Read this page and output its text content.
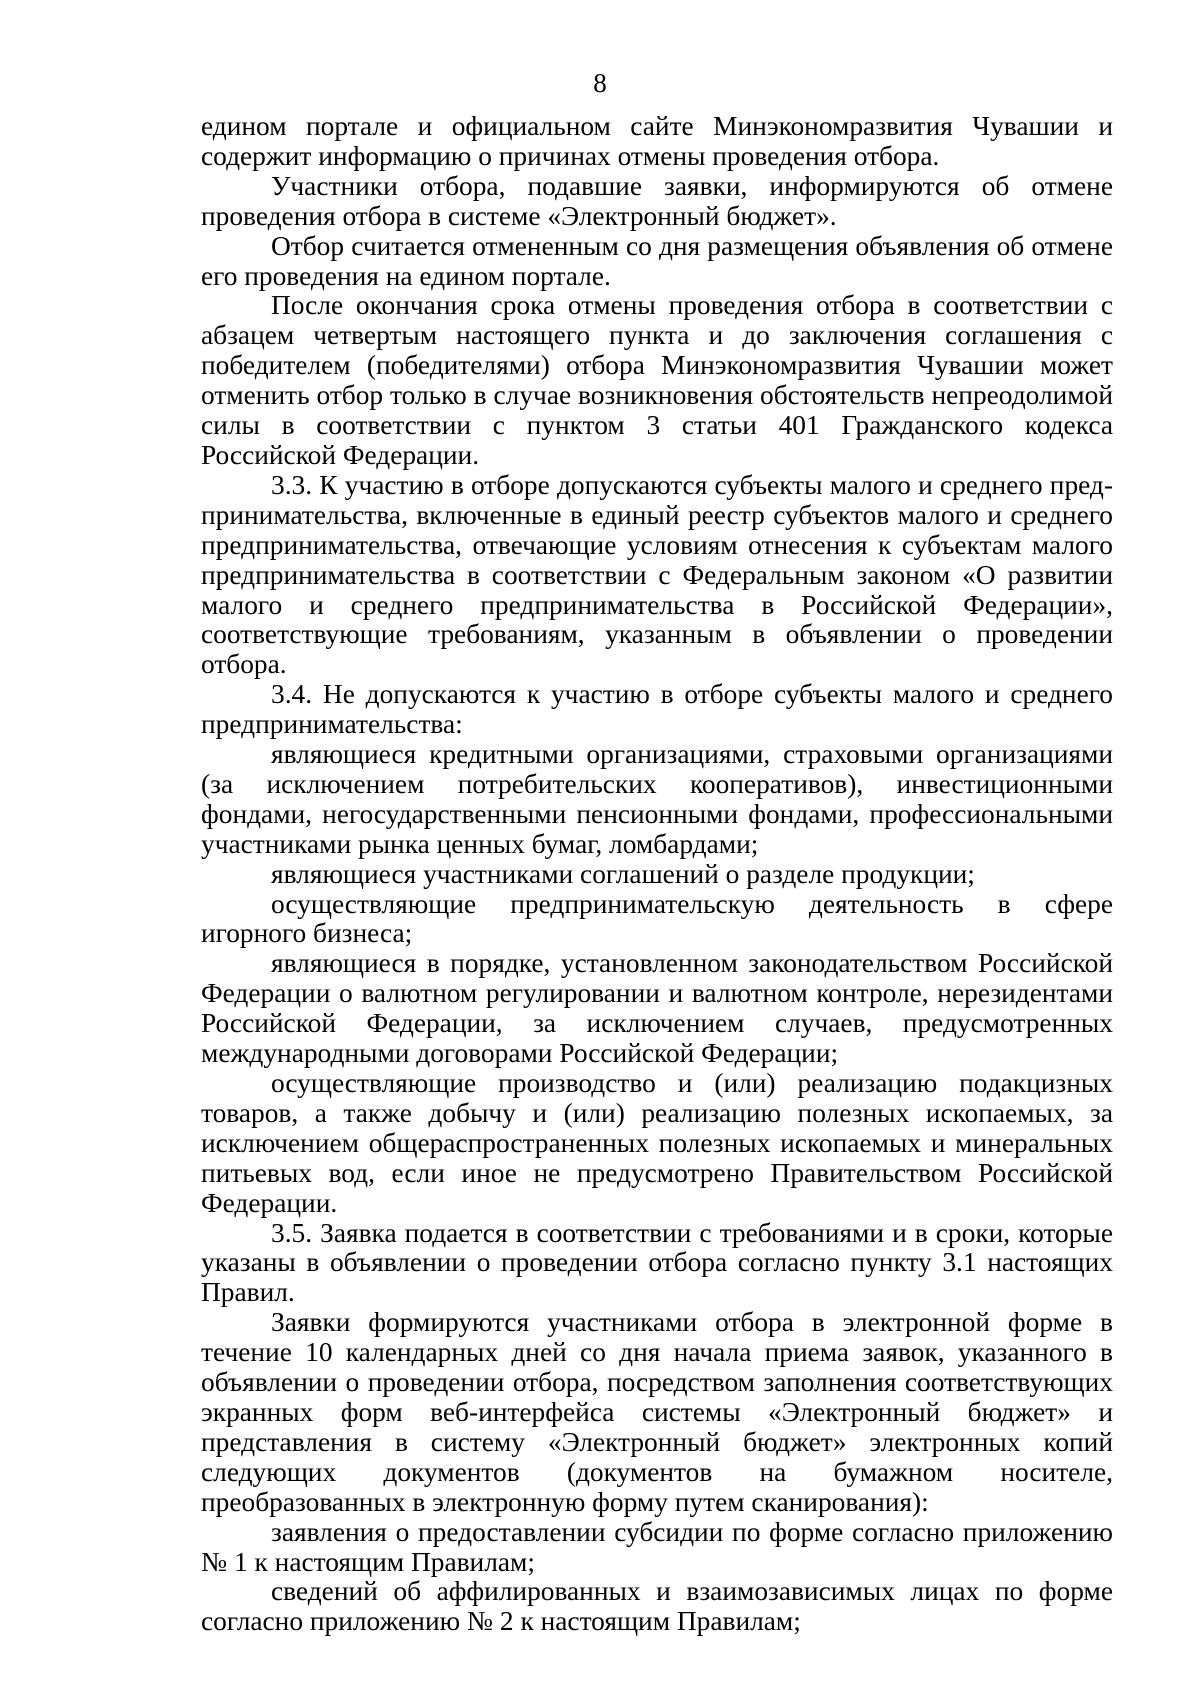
8

едином портале и официальном сайте Минэкономразвития Чувашии и содержит информацию о причинах отмены проведения отбора.

Участники отбора, подавшие заявки, информируются об отмене проведения отбора в системе «Электронный бюджет».

Отбор считается отмененным со дня размещения объявления об отмене его проведения на едином портале.

После окончания срока отмены проведения отбора в соответствии с абзацем четвертым настоящего пункта и до заключения соглашения с победителем (победителями) отбора Минэкономразвития Чувашии может отменить отбор только в случае возникновения обстоятельств непреодолимой силы в соответствии с пунктом 3 статьи 401 Гражданского кодекса Российской Федерации.

3.3. К участию в отборе допускаются субъекты малого и среднего предпринимательства, включенные в единый реестр субъектов малого и среднего предпринимательства, отвечающие условиям отнесения к субъектам малого предпринимательства в соответствии с Федеральным законом «О развитии малого и среднего предпринимательства в Российской Федерации», соответствующие требованиям, указанным в объявлении о проведении отбора.

3.4. Не допускаются к участию в отборе субъекты малого и среднего предпринимательства:

являющиеся кредитными организациями, страховыми организациями (за исключением потребительских кооперативов), инвестиционными фондами, негосударственными пенсионными фондами, профессиональными участниками рынка ценных бумаг, ломбардами;

являющиеся участниками соглашений о разделе продукции;

осуществляющие предпринимательскую деятельность в сфере игорного бизнеса;

являющиеся в порядке, установленном законодательством Российской Федерации о валютном регулировании и валютном контроле, нерезидентами Российской Федерации, за исключением случаев, предусмотренных международными договорами Российской Федерации;

осуществляющие производство и (или) реализацию подакцизных товаров, а также добычу и (или) реализацию полезных ископаемых, за исключением общераспространенных полезных ископаемых и минеральных питьевых вод, если иное не предусмотрено Правительством Российской Федерации.

3.5. Заявка подается в соответствии с требованиями и в сроки, которые указаны в объявлении о проведении отбора согласно пункту 3.1 настоящих Правил.

Заявки формируются участниками отбора в электронной форме в течение 10 календарных дней со дня начала приема заявок, указанного в объявлении о проведении отбора, посредством заполнения соответствующих экранных форм веб-интерфейса системы «Электронный бюджет» и представления в систему «Электронный бюджет» электронных копий следующих документов (документов на бумажном носителе, преобразованных в электронную форму путем сканирования):

заявления о предоставлении субсидии по форме согласно приложению № 1 к настоящим Правилам;

сведений об аффилированных и взаимозависимых лицах по форме согласно приложению № 2 к настоящим Правилам;
